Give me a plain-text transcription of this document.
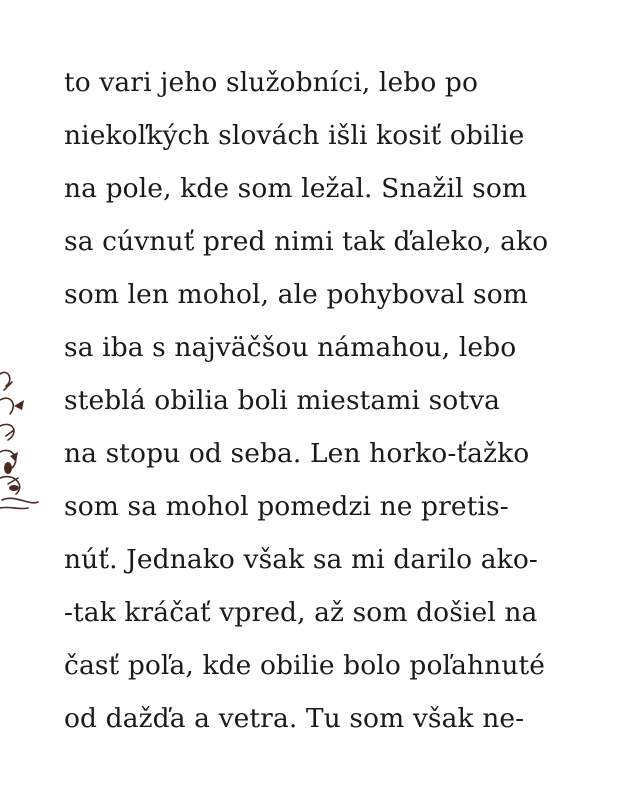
to vari jeho služobníci, lebo po
niekoľkých slovách išli kosiť obilie
na pole, kde som ležal. Snažil som
sa cúvnuť pred nimi tak ďaleko, ako
som len mohol, ale pohyboval som
sa iba s najväčšou námahou, lebo
steblá obilia boli miestami sotva
na stopu od seba. Len horko-ťažko
som sa mohol pomedzi ne pretis-
núť. Jednako však sa mi darilo ako-
-tak kráčať vpred, až som došiel na
časť poľa, kde obilie bolo poľahnuté
od dažďa a vetra. Tu som však ne-
